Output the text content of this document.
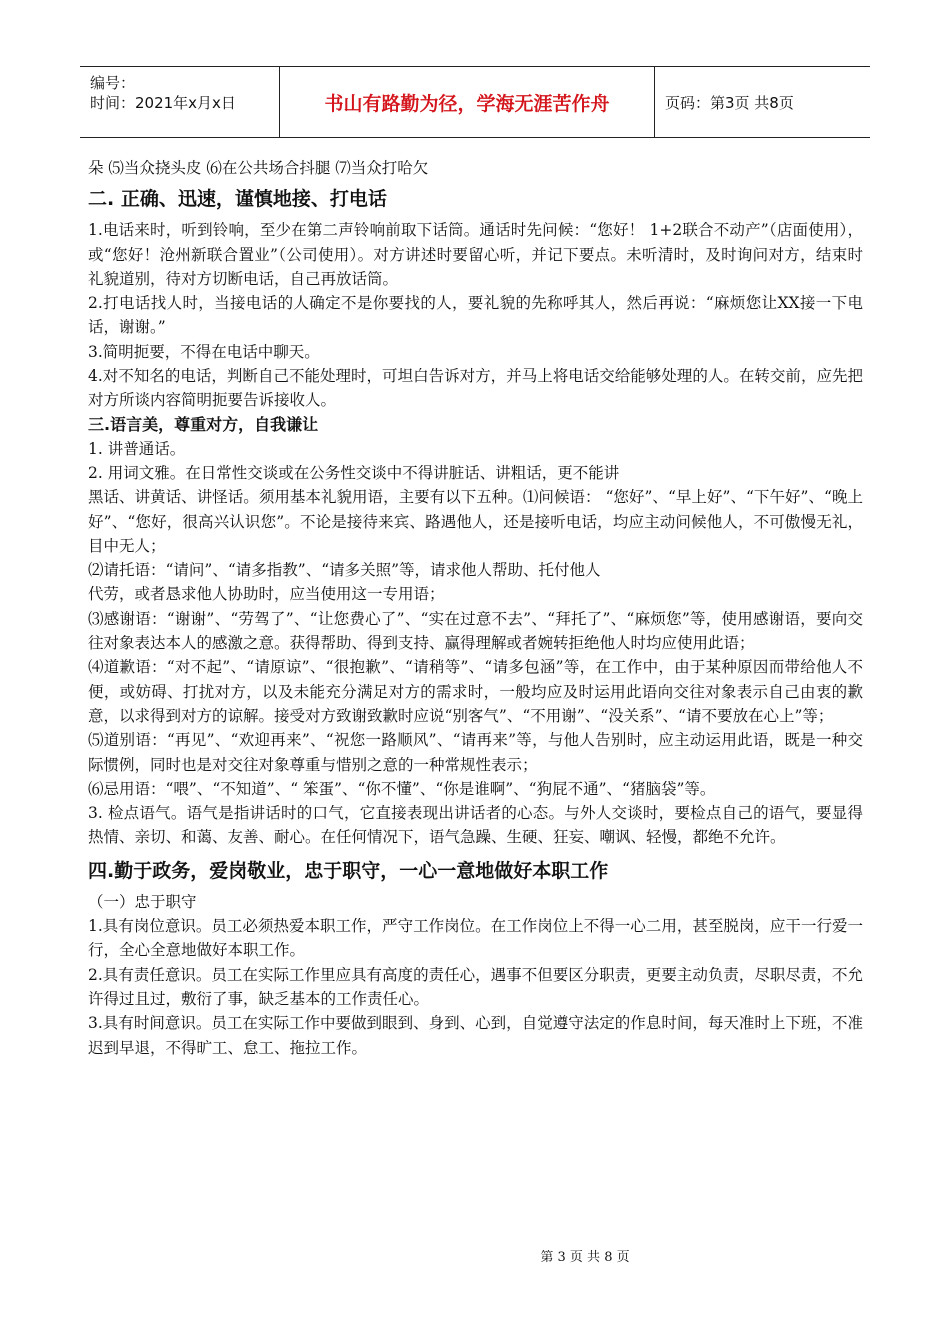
编号：
时间：2021年x月x日	书山有路勤为径，学海无涯苦作舟	页码：第3页 共8页

朵 ⑸当众挠头皮 ⑹在公共场合抖腿 ⑺当众打哈欠

二. 正确、迅速，谨慎地接、打电话

1.电话来时，听到铃响，至少在第二声铃响前取下话筒。通话时先问候：“您好！ 1+2联合不动产”（店面使用），或“您好！沧州新联合置业”（公司使用）。对方讲述时要留心听，并记下要点。未听清时，及时询问对方，结束时礼貌道别，待对方切断电话，自己再放话筒。

2.打电话找人时，当接电话的人确定不是你要找的人，要礼貌的先称呼其人，然后再说：“麻烦您让XX接一下电话，谢谢。”

3.简明扼要，不得在电话中聊天。

4.对不知名的电话，判断自己不能处理时，可坦白告诉对方，并马上将电话交给能够处理的人。在转交前，应先把对方所谈内容简明扼要告诉接收人。

三.语言美，尊重对方，自我谦让

1. 讲普通话。

2. 用词文雅。在日常性交谈或在公务性交谈中不得讲脏话、讲粗话，更不能讲

黑话、讲黄话、讲怪话。须用基本礼貌用语，主要有以下五种。⑴问候语： “您好”、“早上好”、“下午好”、“晚上好”、“您好，很高兴认识您”。不论是接待来宾、路遇他人，还是接听电话，均应主动问候他人，不可傲慢无礼，目中无人；

⑵请托语：“请问”、“请多指教”、“请多关照”等，请求他人帮助、托付他人

代劳，或者恳求他人协助时，应当使用这一专用语；

⑶感谢语：“谢谢”、“劳驾了”、“让您费心了”、“实在过意不去”、“拜托了”、“麻烦您”等，使用感谢语，要向交往对象表达本人的感激之意。获得帮助、得到支持、赢得理解或者婉转拒绝他人时均应使用此语；

⑷道歉语：“对不起”、“请原谅”、“很抱歉”、“请稍等”、“请多包涵”等，在工作中，由于某种原因而带给他人不便，或妨碍、打扰对方，以及未能充分满足对方的需求时，一般均应及时运用此语向交往对象表示自己由衷的歉意，以求得到对方的谅解。接受对方致谢致歉时应说“别客气”、“不用谢”、“没关系”、“请不要放在心上”等；

⑸道别语：“再见”、“欢迎再来”、“祝您一路顺风”、“请再来”等，与他人告别时，应主动运用此语，既是一种交际惯例，同时也是对交往对象尊重与惜别之意的一种常规性表示；

⑹忌用语：“喂”、“不知道”、“ 笨蛋”、“你不懂”、“你是谁啊”、“狗屁不通”、“猪脑袋”等。

3. 检点语气。语气是指讲话时的口气，它直接表现出讲话者的心态。与外人交谈时，要检点自己的语气，要显得热情、亲切、和蔼、友善、耐心。在任何情况下，语气急躁、生硬、狂妄、嘲讽、轻慢，都绝不允许。

四.勤于政务，爱岗敬业，忠于职守，一心一意地做好本职工作

（一）忠于职守

1.具有岗位意识。员工必须热爱本职工作，严守工作岗位。在工作岗位上不得一心二用，甚至脱岗，应干一行爱一行，全心全意地做好本职工作。

2.具有责任意识。员工在实际工作里应具有高度的责任心，遇事不但要区分职责，更要主动负责，尽职尽责，不允许得过且过，敷衍了事，缺乏基本的工作责任心。

3.具有时间意识。员工在实际工作中要做到眼到、身到、心到，自觉遵守法定的作息时间，每天准时上下班，不准迟到早退，不得旷工、怠工、拖拉工作。

第 3 页 共 8 页
